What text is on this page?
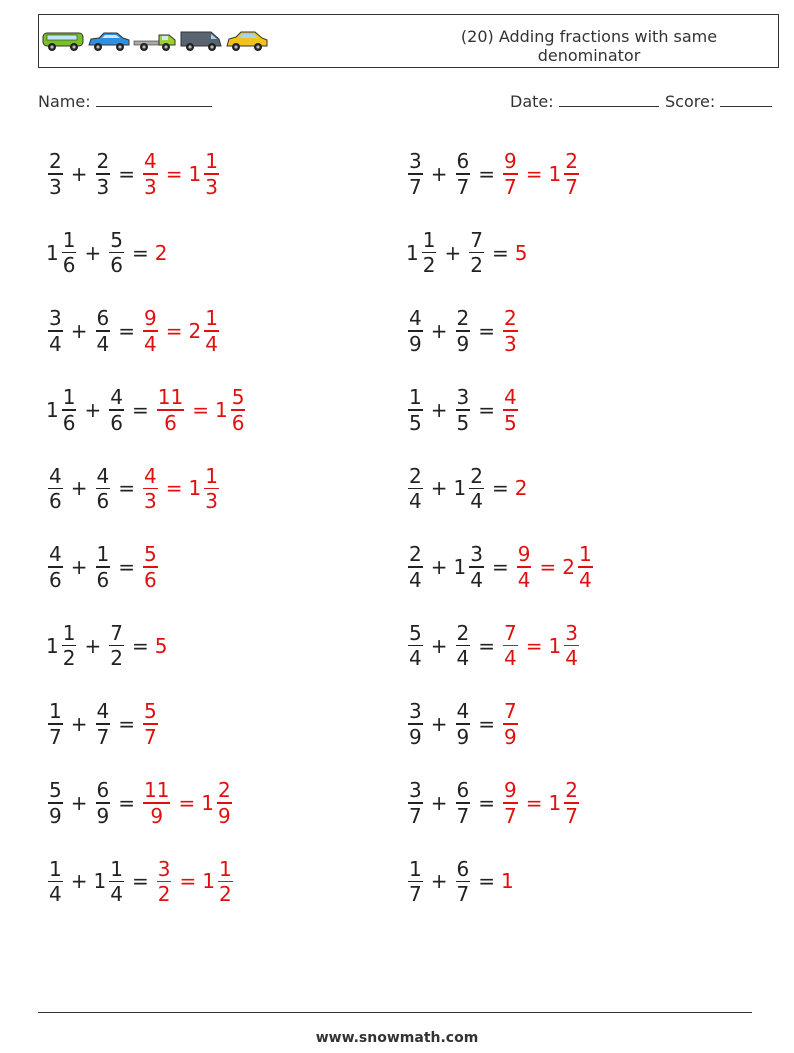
(20) Adding fractions with same denominator
Name:	Date:	Score:
$\frac{2}{3} + \frac{2}{3} = \frac{4}{3} = 1 \frac{1}{3}$
$1 \frac{1}{6} + \frac{5}{6} = 2$
$\frac{3}{4} + \frac{6}{4} = \frac{9}{4} = 2 \frac{1}{4}$
$1 \frac{1}{6} + \frac{4}{6} = \frac{11}{6} = 1 \frac{5}{6}$
$\frac{4}{6} + \frac{4}{6} = \frac{4}{3} = 1 \frac{1}{3}$
$\frac{4}{6} + \frac{1}{6} = \frac{5}{6}$
$1 \frac{1}{2} + \frac{7}{2} = 5$
$\frac{1}{7} + \frac{4}{7} = \frac{5}{7}$
$\frac{5}{9} + \frac{6}{9} = \frac{11}{9} = 1 \frac{2}{9}$
$\frac{1}{4} + 1 \frac{1}{4} = \frac{3}{2} = 1 \frac{1}{2}$
$\frac{3}{7} + \frac{6}{7} = \frac{9}{7} = 1 \frac{2}{7}$
$1 \frac{1}{2} + \frac{7}{2} = 5$
$\frac{4}{9} + \frac{2}{9} = \frac{2}{3}$
$\frac{1}{5} + \frac{3}{5} = \frac{4}{5}$
$\frac{2}{4} + 1 \frac{2}{4} = 2$
$\frac{2}{4} + 1 \frac{3}{4} = \frac{9}{4} = 2 \frac{1}{4}$
$\frac{5}{4} + \frac{2}{4} = \frac{7}{4} = 1 \frac{3}{4}$
$\frac{3}{9} + \frac{4}{9} = \frac{7}{9}$
$\frac{3}{7} + \frac{6}{7} = \frac{9}{7} = 1 \frac{2}{7}$
$\frac{1}{7} + \frac{6}{7} = 1$
www.snowmath.com
